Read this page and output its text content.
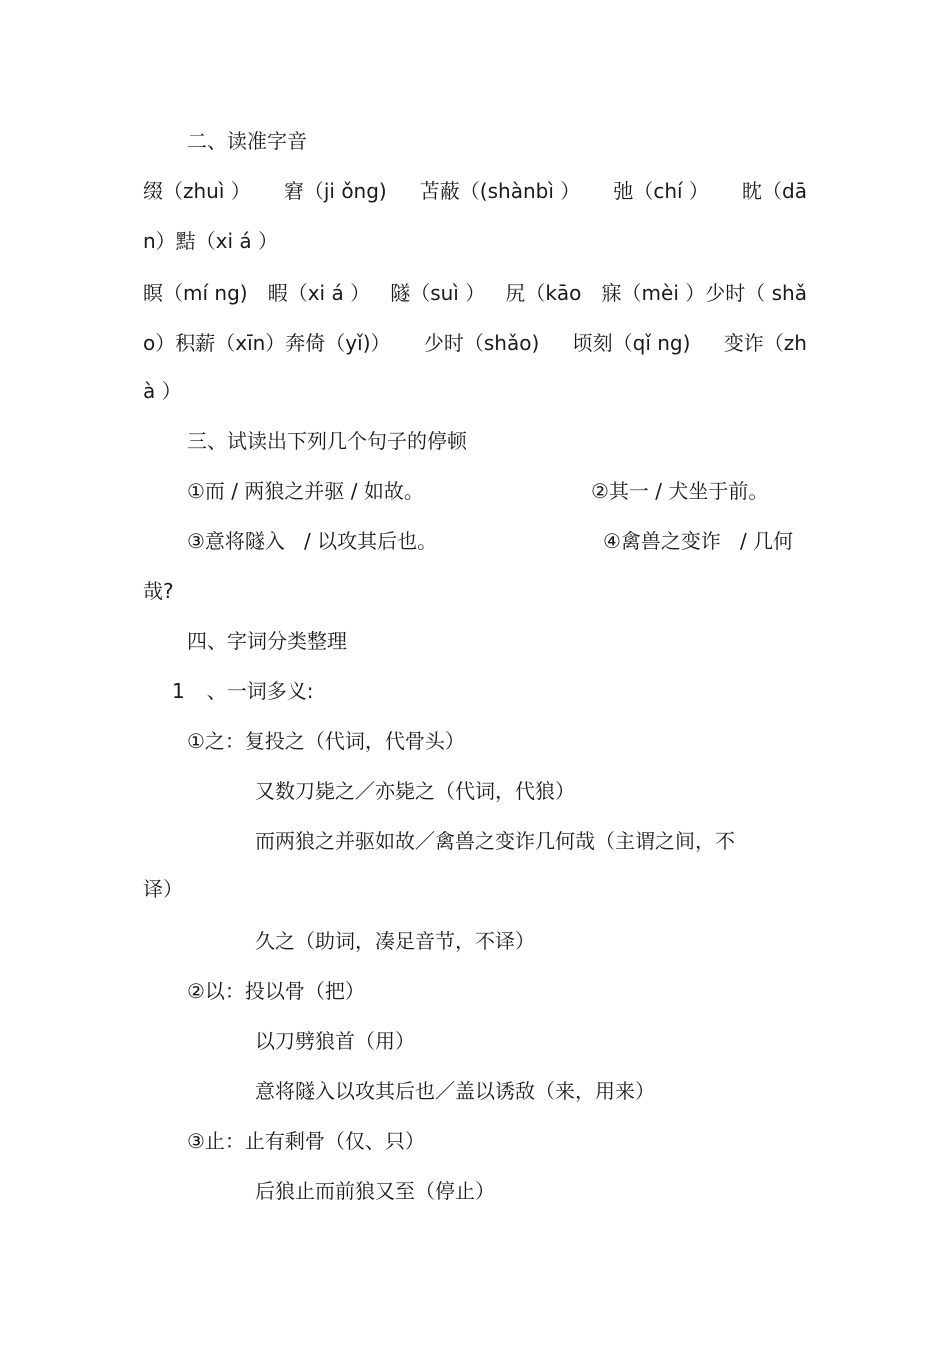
二、读准字音
缀（zhuì ） 窘（ji ǒng) 苫蔽（(shànbì ） 弛（chí ） 眈（dā
n）黠（xi á ）
瞑（mí ng) 暇（xi á ） 隧（suì ） 尻（kāo 寐（mèi ）少时（ shǎ
o）积薪（xīn）奔倚（yǐ)） 少时（shǎo) 顷刻（qǐ ng) 变诈（zh
à ）
三、试读出下列几个句子的停顿
①而 / 两狼之并驱 / 如故。	②其一 / 犬坐于前。
③意将隧入   / 以攻其后也。	④禽兽之变诈   / 几何
哉?
四、字词分类整理
1 、一词多义:
①之：复投之（代词，代骨头）
又数刀毙之／亦毙之（代词，代狼）
而两狼之并驱如故／禽兽之变诈几何哉（主谓之间，不
译）
久之（助词，凑足音节，不译）
②以：投以骨（把）
以刀劈狼首（用）
意将隧入以攻其后也／盖以诱敌（来，用来）
③止：止有剩骨（仅、只）
后狼止而前狼又至（停止）
